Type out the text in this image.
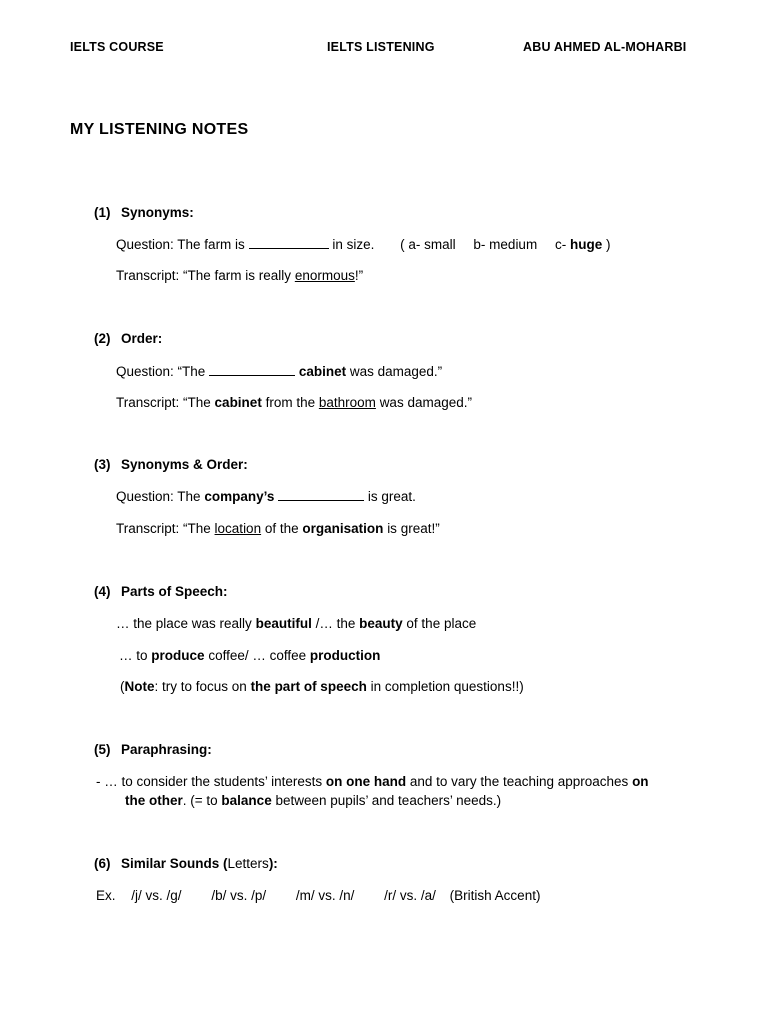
IELTS COURSE	IELTS LISTENING	ABU AHMED AL-MOHARBI
MY LISTENING NOTES
(1) Synonyms:
Question: The farm is	in size. ( a- small b- medium c- huge )
Transcript: “The farm is really enormous!”
(2) Order:
Question: “The	cabinet was damaged.”
Transcript: “The cabinet from the bathroom was damaged.”
(3) Synonyms & Order:
Question: The company’s	is great.
Transcript: “The location of the organisation is great!”
(4) Parts of Speech:
… the place was really beautiful /… the beauty of the place
… to produce coffee/ … coffee production
(Note: try to focus on the part of speech in completion questions!!)
(5) Paraphrasing:
- … to consider the students’ interests on one hand and to vary the teaching approaches on
the other. (= to balance between pupils’ and teachers’ needs.)
(6) Similar Sounds (Letters):
Ex. /j/ vs. /g/ /b/ vs. /p/ /m/ vs. /n/ /r/ vs. /a/ (British Accent)
